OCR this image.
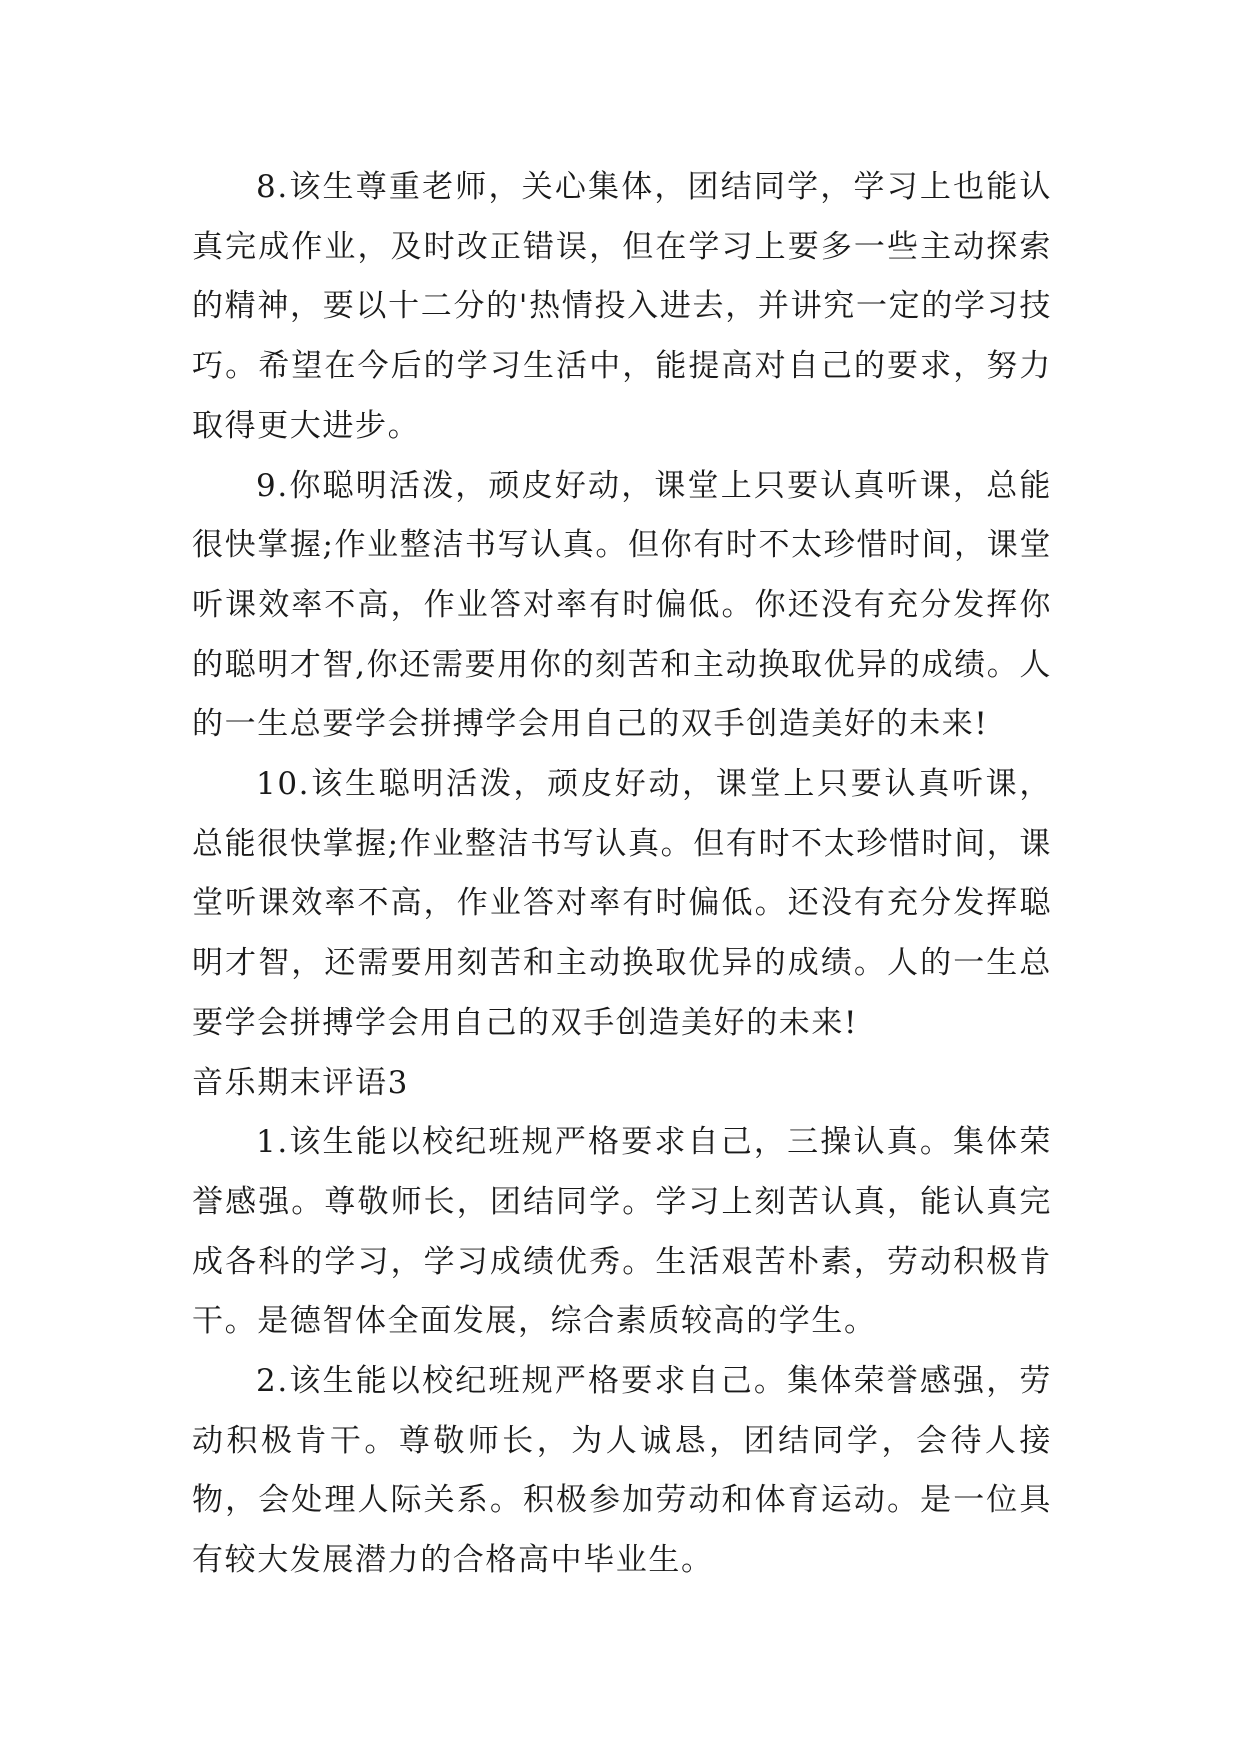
8.该生尊重老师，关心集体，团结同学，学习上也能认真完成作业，及时改正错误，但在学习上要多一些主动探索的精神，要以十二分的'热情投入进去，并讲究一定的学习技巧。希望在今后的学习生活中，能提高对自己的要求，努力取得更大进步。

9.你聪明活泼，顽皮好动，课堂上只要认真听课，总能很快掌握;作业整洁书写认真。但你有时不太珍惜时间，课堂听课效率不高，作业答对率有时偏低。你还没有充分发挥你的聪明才智,你还需要用你的刻苦和主动换取优异的成绩。人的一生总要学会拼搏学会用自己的双手创造美好的未来!

10.该生聪明活泼，顽皮好动，课堂上只要认真听课，总能很快掌握;作业整洁书写认真。但有时不太珍惜时间，课堂听课效率不高，作业答对率有时偏低。还没有充分发挥聪明才智，还需要用刻苦和主动换取优异的成绩。人的一生总要学会拼搏学会用自己的双手创造美好的未来!

音乐期末评语3

1.该生能以校纪班规严格要求自己，三操认真。集体荣誉感强。尊敬师长，团结同学。学习上刻苦认真，能认真完成各科的学习，学习成绩优秀。生活艰苦朴素，劳动积极肯干。是德智体全面发展，综合素质较高的学生。

2.该生能以校纪班规严格要求自己。集体荣誉感强，劳动积极肯干。尊敬师长，为人诚恳，团结同学，会待人接物，会处理人际关系。积极参加劳动和体育运动。是一位具有较大发展潜力的合格高中毕业生。
